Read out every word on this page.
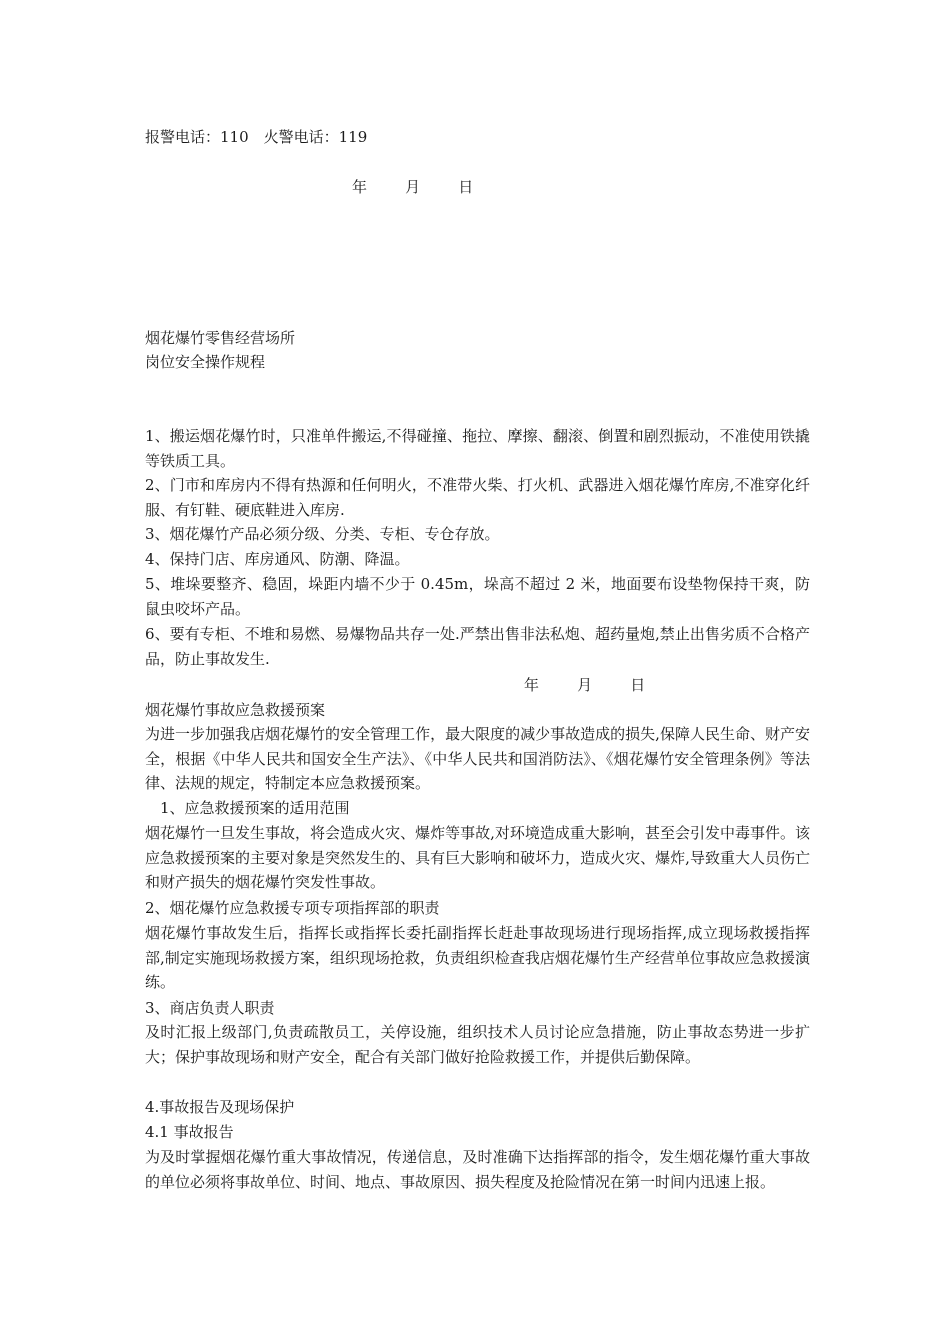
报警电话：110　火警电话：119
年        月        日
烟花爆竹零售经营场所
岗位安全操作规程
1、搬运烟花爆竹时，只准单件搬运,不得碰撞、拖拉、摩擦、翻滚、倒置和剧烈振动，不准使用铁撬等铁质工具。
2、门市和库房内不得有热源和任何明火，不准带火柴、打火机、武器进入烟花爆竹库房,不准穿化纤服、有钉鞋、硬底鞋进入库房.
3、烟花爆竹产品必须分级、分类、专柜、专仓存放。
4、保持门店、库房通风、防潮、降温。
5、堆垛要整齐、稳固，垛距内墙不少于 0.45m，垛高不超过 2 米，地面要布设垫物保持干爽，防鼠虫咬坏产品。
6、要有专柜、不堆和易燃、易爆物品共存一处.严禁出售非法私炮、超药量炮,禁止出售劣质不合格产品，防止事故发生.
年        月        日
烟花爆竹事故应急救援预案
为进一步加强我店烟花爆竹的安全管理工作，最大限度的减少事故造成的损失,保障人民生命、财产安全，根据《中华人民共和国安全生产法》、《中华人民共和国消防法》、《烟花爆竹安全管理条例》等法律、法规的规定，特制定本应急救援预案。
1、应急救援预案的适用范围
烟花爆竹一旦发生事故，将会造成火灾、爆炸等事故,对环境造成重大影响，甚至会引发中毒事件。该应急救援预案的主要对象是突然发生的、具有巨大影响和破坏力，造成火灾、爆炸,导致重大人员伤亡和财产损失的烟花爆竹突发性事故。
2、烟花爆竹应急救援专项专项指挥部的职责
烟花爆竹事故发生后，指挥长或指挥长委托副指挥长赶赴事故现场进行现场指挥,成立现场救援指挥部,制定实施现场救援方案，组织现场抢救，负责组织检查我店烟花爆竹生产经营单位事故应急救援演练。
3、商店负责人职责
及时汇报上级部门,负责疏散员工，关停设施，组织技术人员讨论应急措施，防止事故态势进一步扩大；保护事故现场和财产安全，配合有关部门做好抢险救援工作，并提供后勤保障。
4.事故报告及现场保护
4.1 事故报告
为及时掌握烟花爆竹重大事故情况，传递信息，及时准确下达指挥部的指令，发生烟花爆竹重大事故的单位必须将事故单位、时间、地点、事故原因、损失程度及抢险情况在第一时间内迅速上报。
